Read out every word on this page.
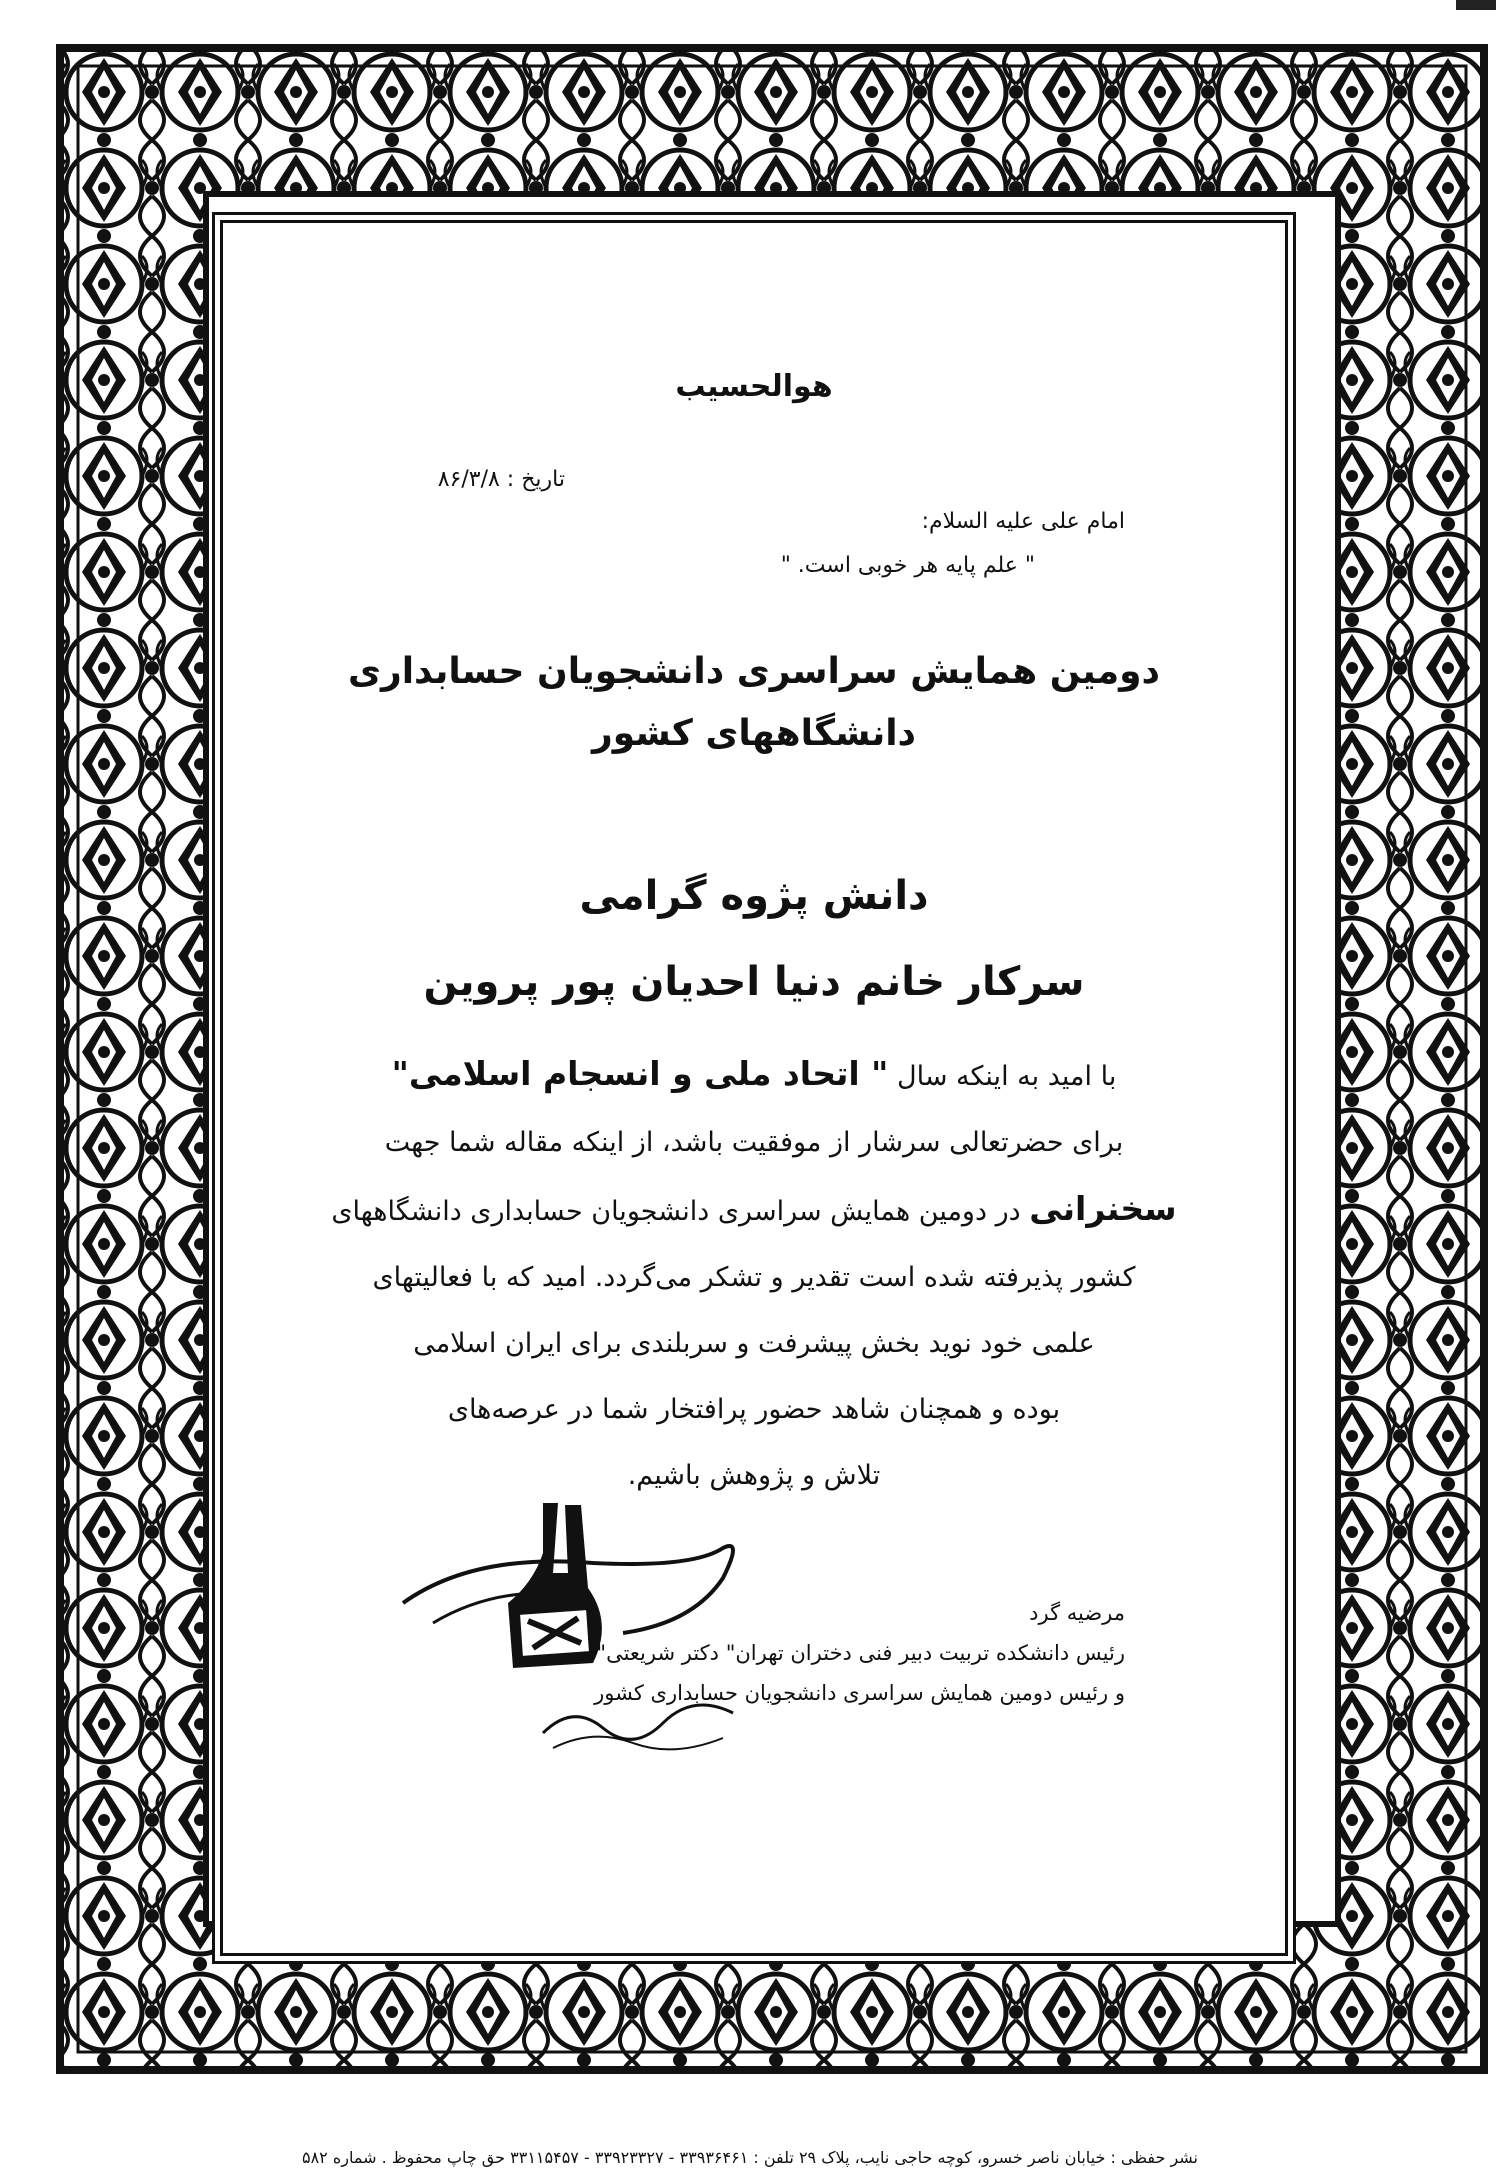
هوالحسیب
تاریخ : ۸۶/۳/۸
امام علی علیه السلام:
" علم پایه هر خوبی است. "
دومین همایش سراسری دانشجویان حسابداری
دانشگاههای کشور
دانش پژوه گرامی
سرکار خانم دنیا احدیان پور پروین
با امید به اینکه سال " اتحاد ملی و انسجام اسلامی"
برای حضرتعالی سرشار از موفقیت باشد، از اینکه مقاله شما جهت
سخنرانی در دومین همایش سراسری دانشجویان حسابداری دانشگاههای
کشور پذیرفته شده است تقدیر و تشکر می‌گردد. امید که با فعالیتهای
علمی خود نوید بخش پیشرفت و سربلندی برای ایران اسلامی
بوده و همچنان شاهد حضور پرافتخار شما در عرصه‌های
تلاش و پژوهش باشیم.
مرضیه گرد
رئیس دانشکده تربیت دبیر فنی دختران تهران" دکتر شریعتی"
و رئیس دومین همایش سراسری دانشجویان حسابداری کشور
نشر حفظی : خیابان ناصر خسرو، کوچه حاجی نایب، پلاک ۲۹ تلفن : ۳۳۹۳۶۴۶۱ - ۳۳۹۲۳۳۲۷ - ۳۳۱۱۵۴۵۷ حق چاپ محفوظ . شماره ۵۸۲
